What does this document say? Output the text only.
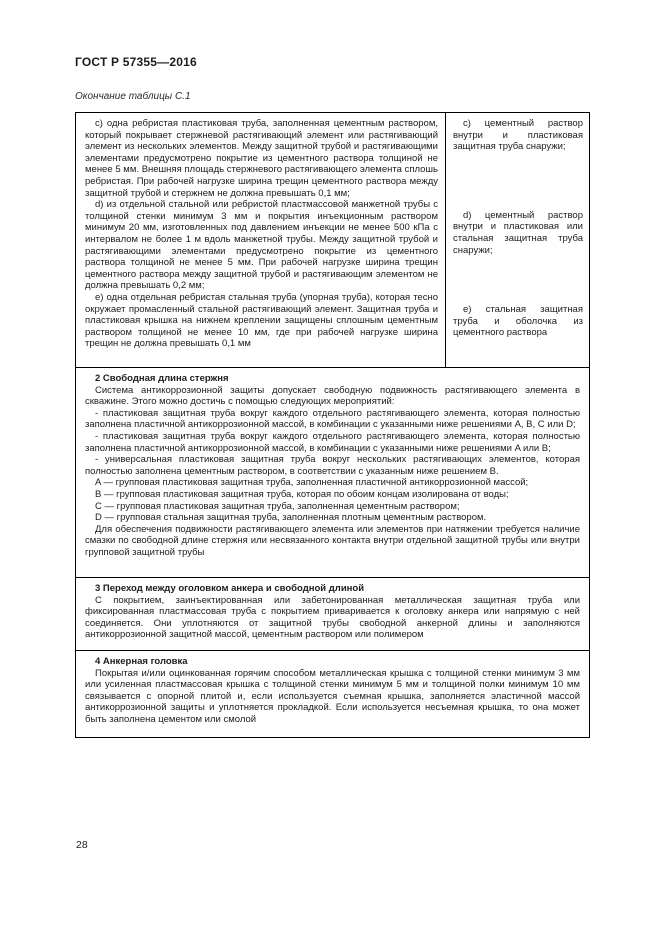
ГОСТ Р 57355—2016
Окончание таблицы С.1

c) одна ребристая пластиковая труба, заполненная цементным раствором, который покрывает стержневой растягивающий элемент или растягивающий элемент из нескольких элементов. Между защитной трубой и растягивающими элементами предусмотрено покрытие из цементного раствора толщиной не менее 5 мм. Внешняя площадь стержневого растягивающего элемента сплошь ребристая. При рабочей нагрузке ширина трещин цементного раствора между защитной трубой и стержнем не должна превышать 0,1 мм;

d) из отдельной стальной или ребристой пластмассовой манжетной трубы с толщиной стенки минимум 3 мм и покрытия инъекционным раствором минимум 20 мм, изготовленных под давлением инъекции не менее 500 кПа с интервалом не более 1 м вдоль манжетной трубы. Между защитной трубой и растягивающими элементами предусмотрено покрытие из цементного раствора толщиной не менее 5 мм. При рабочей нагрузке ширина трещин цементного раствора между защитной трубой и растягивающим элементом не должна превышать 0,2 мм;

e) одна отдельная ребристая стальная труба (упорная труба), которая тесно окружает промасленный стальной растягивающий элемент. Защитная труба и пластиковая крышка на нижнем креплении защищены сплошным цементным раствором толщиной не менее 10 мм, где при рабочей нагрузке ширина трещин не должна превышать 0,1 мм

c) цементный раствор внутри и пластиковая защитная труба снаружи;

d) цементный раствор внутри и пластиковая или стальная защитная труба снаружи;

e) стальная защитная труба и оболочка из цементного раствора

2 Свободная длина стержня

Система антикоррозионной защиты допускает свободную подвижность растягивающего элемента в скважине. Этого можно достичь с помощью следующих мероприятий:

- пластиковая защитная труба вокруг каждого отдельного растягивающего элемента, которая полностью заполнена пластичной антикоррозионной массой, в комбинации с указанными ниже решениями A, B, C или D;

- пластиковая защитная труба вокруг каждого отдельного растягивающего элемента, которая полностью заполнена пластичной антикоррозионной массой, в комбинации с указанными ниже решениями A или B;

- универсальная пластиковая защитная труба вокруг нескольких растягивающих элементов, которая полностью заполнена цементным раствором, в соответствии с указанным ниже решением B.

A — групповая пластиковая защитная труба, заполненная пластичной антикоррозионной массой;

B — групповая пластиковая защитная труба, которая по обоим концам изолирована от воды;

C — групповая пластиковая защитная труба, заполненная цементным раствором;

D — групповая стальная защитная труба, заполненная плотным цементным раствором.

Для обеспечения подвижности растягивающего элемента или элементов при натяжении требуется наличие смазки по свободной длине стержня или несвязанного контакта внутри отдельной защитной трубы или внутри групповой защитной трубы

3 Переход между оголовком анкера и свободной длиной

С покрытием, заинъектированная или забетонированная металлическая защитная труба или фиксированная пластмассовая труба с покрытием приваривается к оголовку анкера или напрямую с ней соединяется. Они уплотняются от защитной трубы свободной анкерной длины и заполняются антикоррозионной защитной массой, цементным раствором или полимером

4 Анкерная головка

Покрытая и/или оцинкованная горячим способом металлическая крышка с толщиной стенки минимум 3 мм или усиленная пластмассовая крышка с толщиной стенки минимум 5 мм и толщиной полки минимум 10 мм связывается с опорной плитой и, если используется съемная крышка, заполняется эластичной массой антикоррозионной защиты и уплотняется прокладкой. Если используется несъемная крышка, то она может быть заполнена цементом или смолой

28
